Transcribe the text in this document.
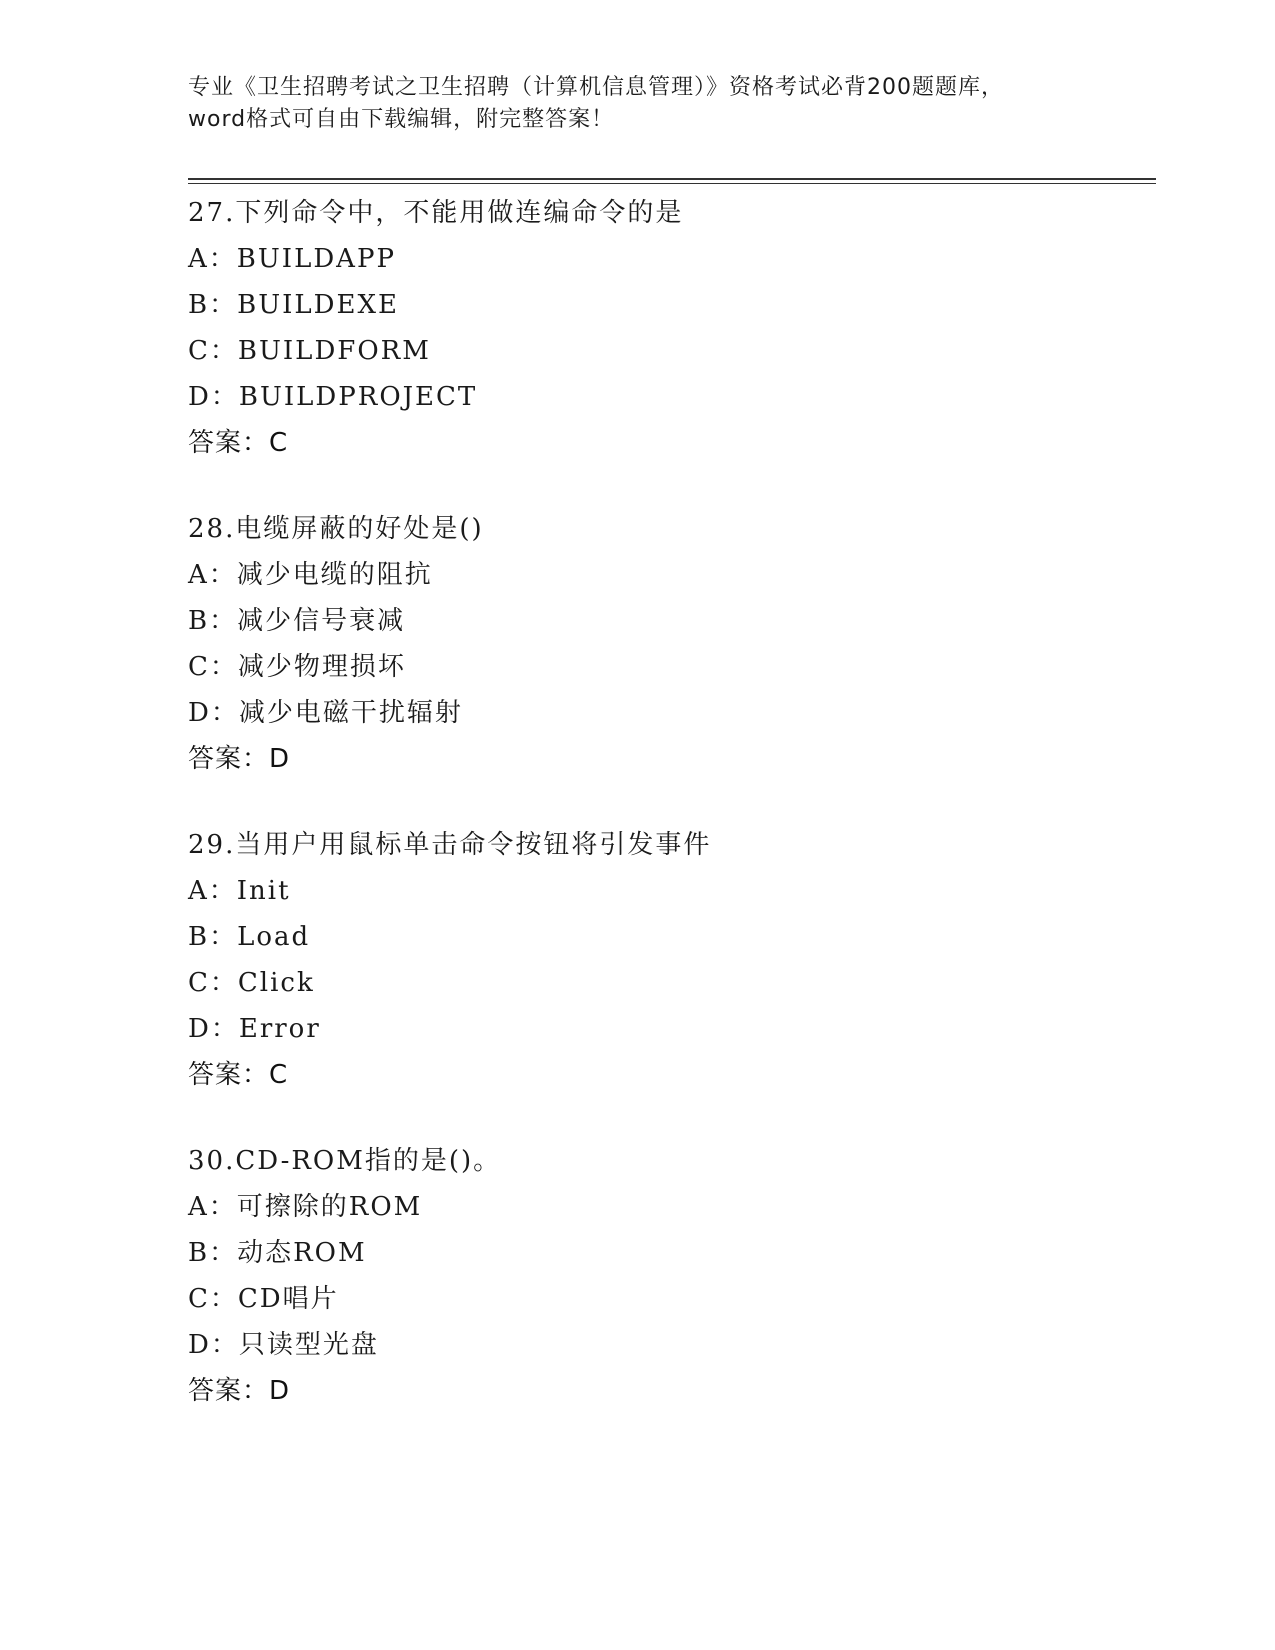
专业《卫生招聘考试之卫生招聘（计算机信息管理）》资格考试必背200题题库，
word格式可自由下载编辑，附完整答案！
27.下列命令中，不能用做连编命令的是
A：BUILDAPP
B：BUILDEXE
C：BUILDFORM
D：BUILDPROJECT
答案：C
28.电缆屏蔽的好处是()
A：减少电缆的阻抗
B：减少信号衰减
C：减少物理损坏
D：减少电磁干扰辐射
答案：D
29.当用户用鼠标单击命令按钮将引发事件
A：Init
B：Load
C：Click
D：Error
答案：C
30.CD-ROM指的是()。
A：可擦除的ROM
B：动态ROM
C：CD唱片
D：只读型光盘
答案：D
